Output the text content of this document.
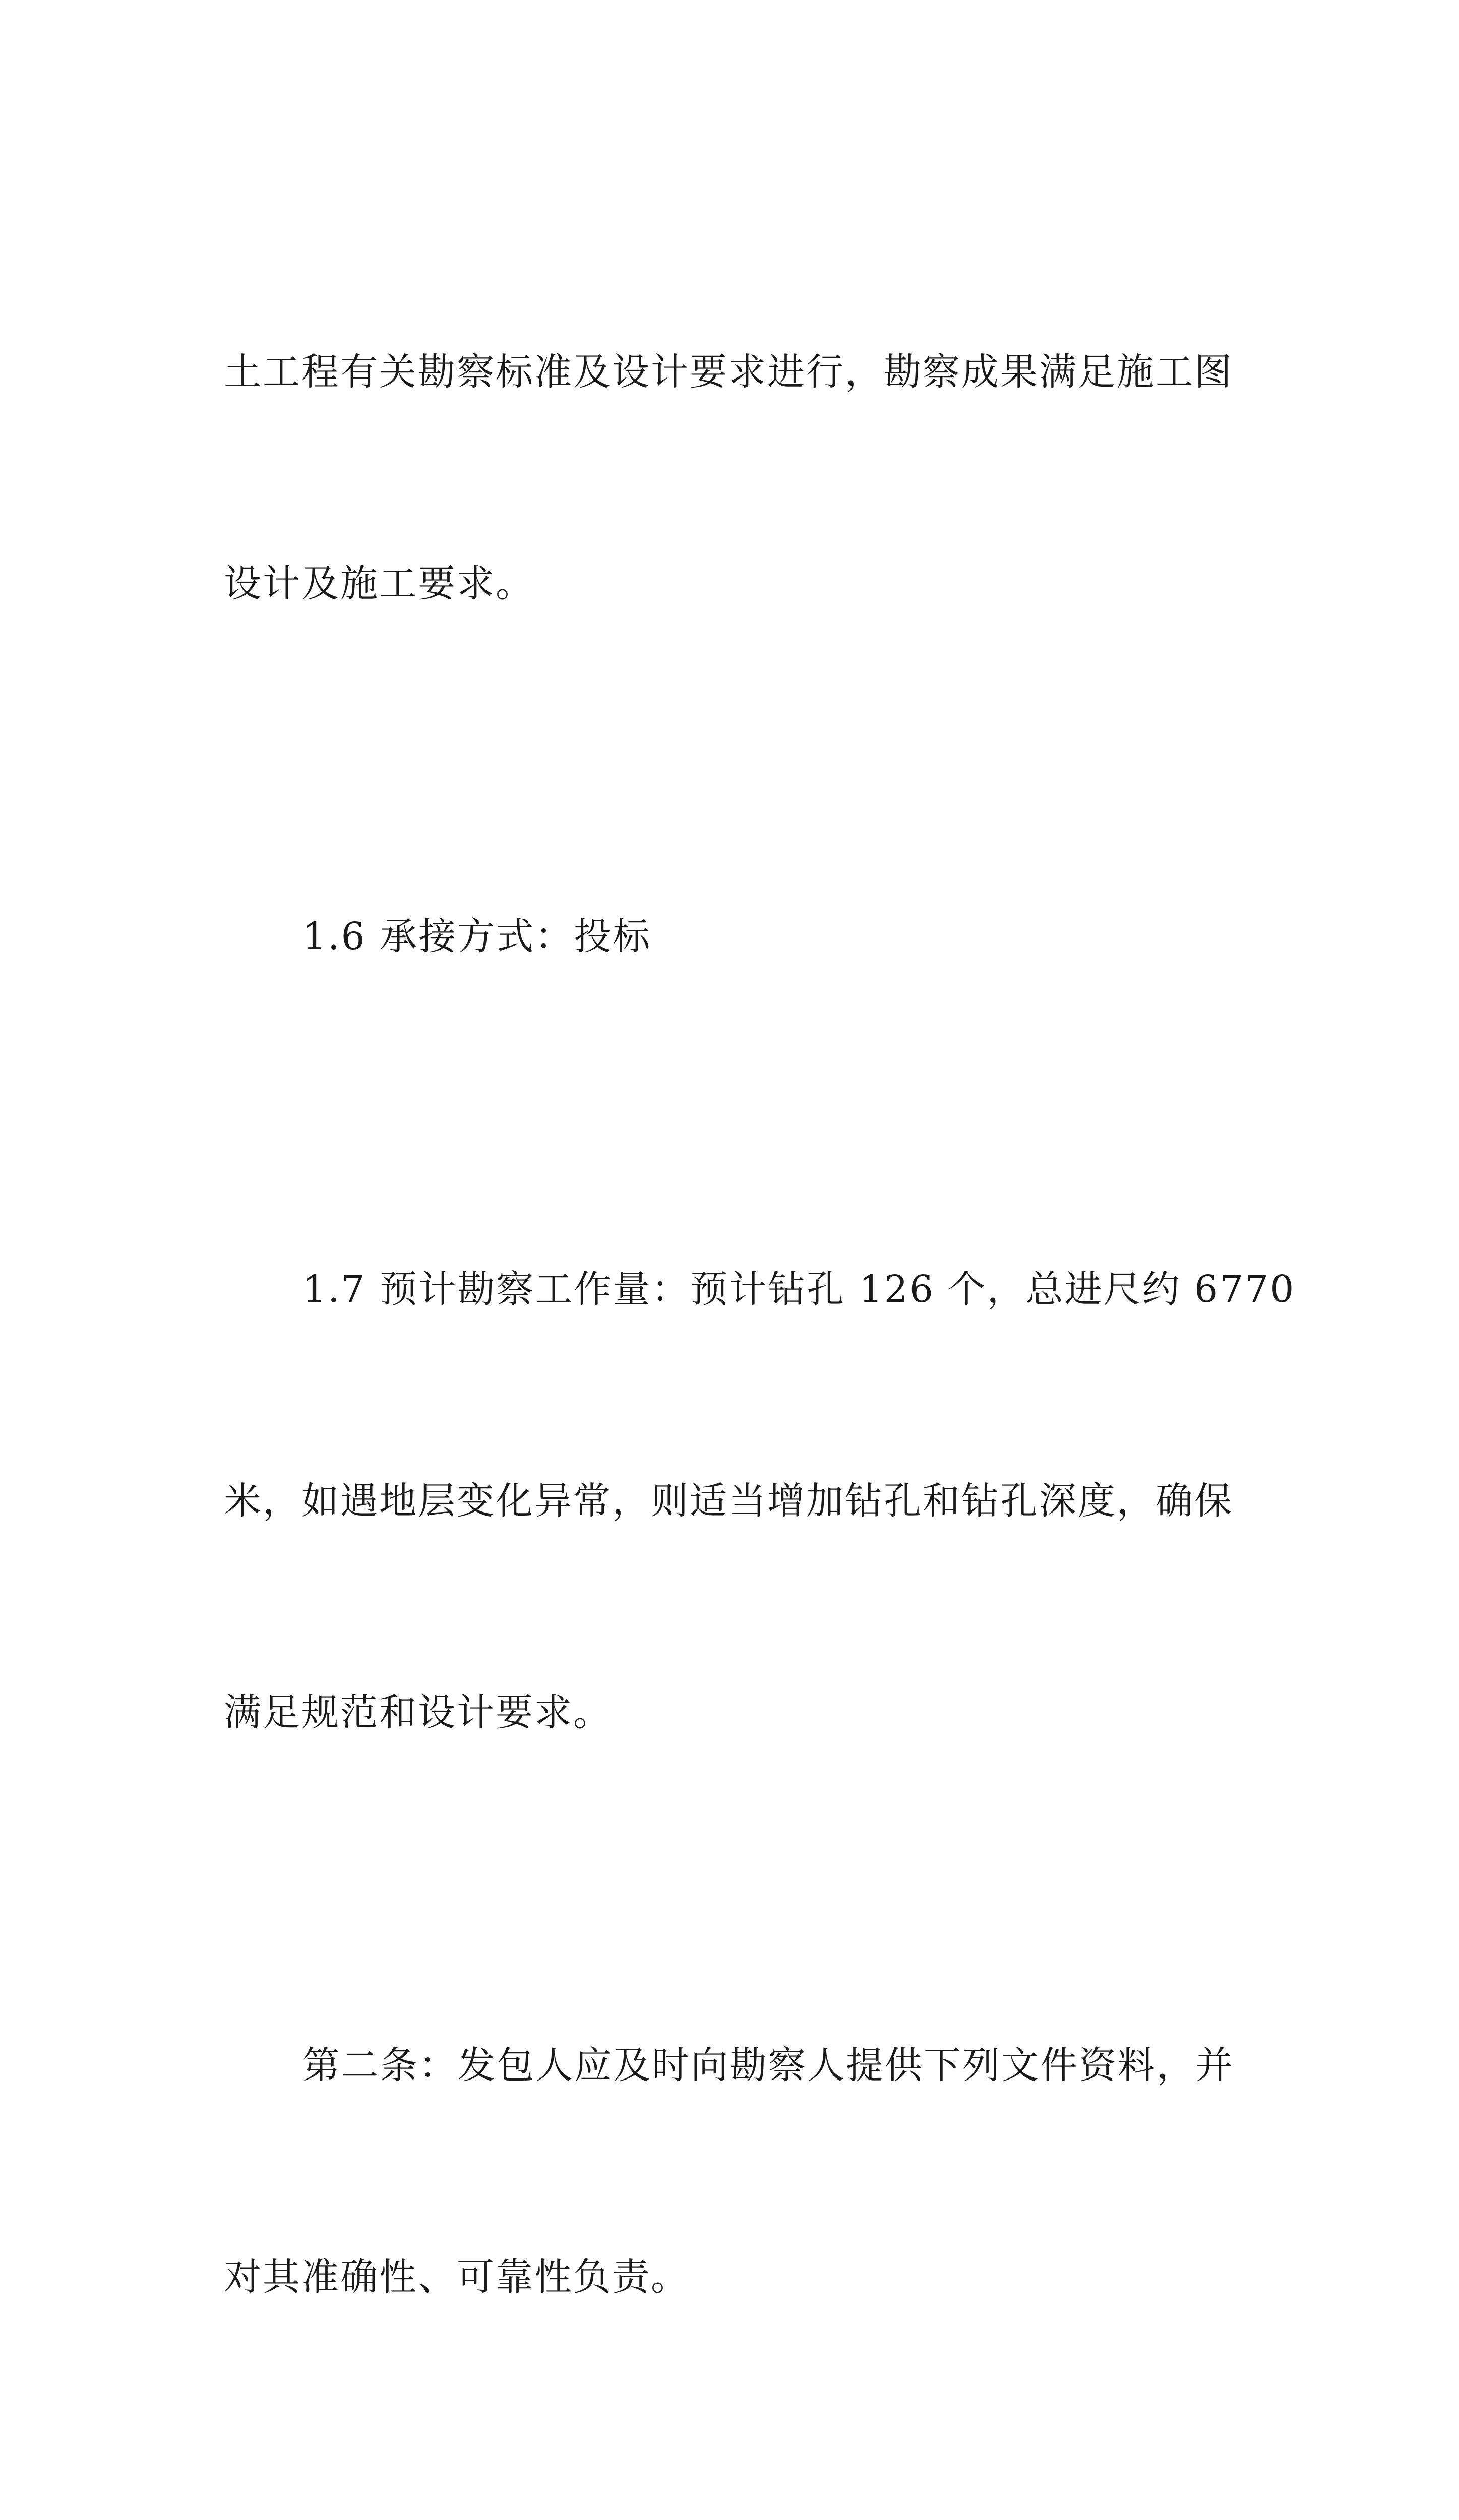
土工程有关勘察标准及设计要求进行，勘察成果满足施工图

设计及施工要求。

1.6 承接方式：投标

1.7 预计勘察工作量：预计钻孔 126 个，总进尺约 6770

米，如遇地层变化异常，则适当增加钻孔和钻孔深度，确保

满足规范和设计要求。

第二条：发包人应及时向勘察人提供下列文件资料，并

对其准确性、可靠性负责。
